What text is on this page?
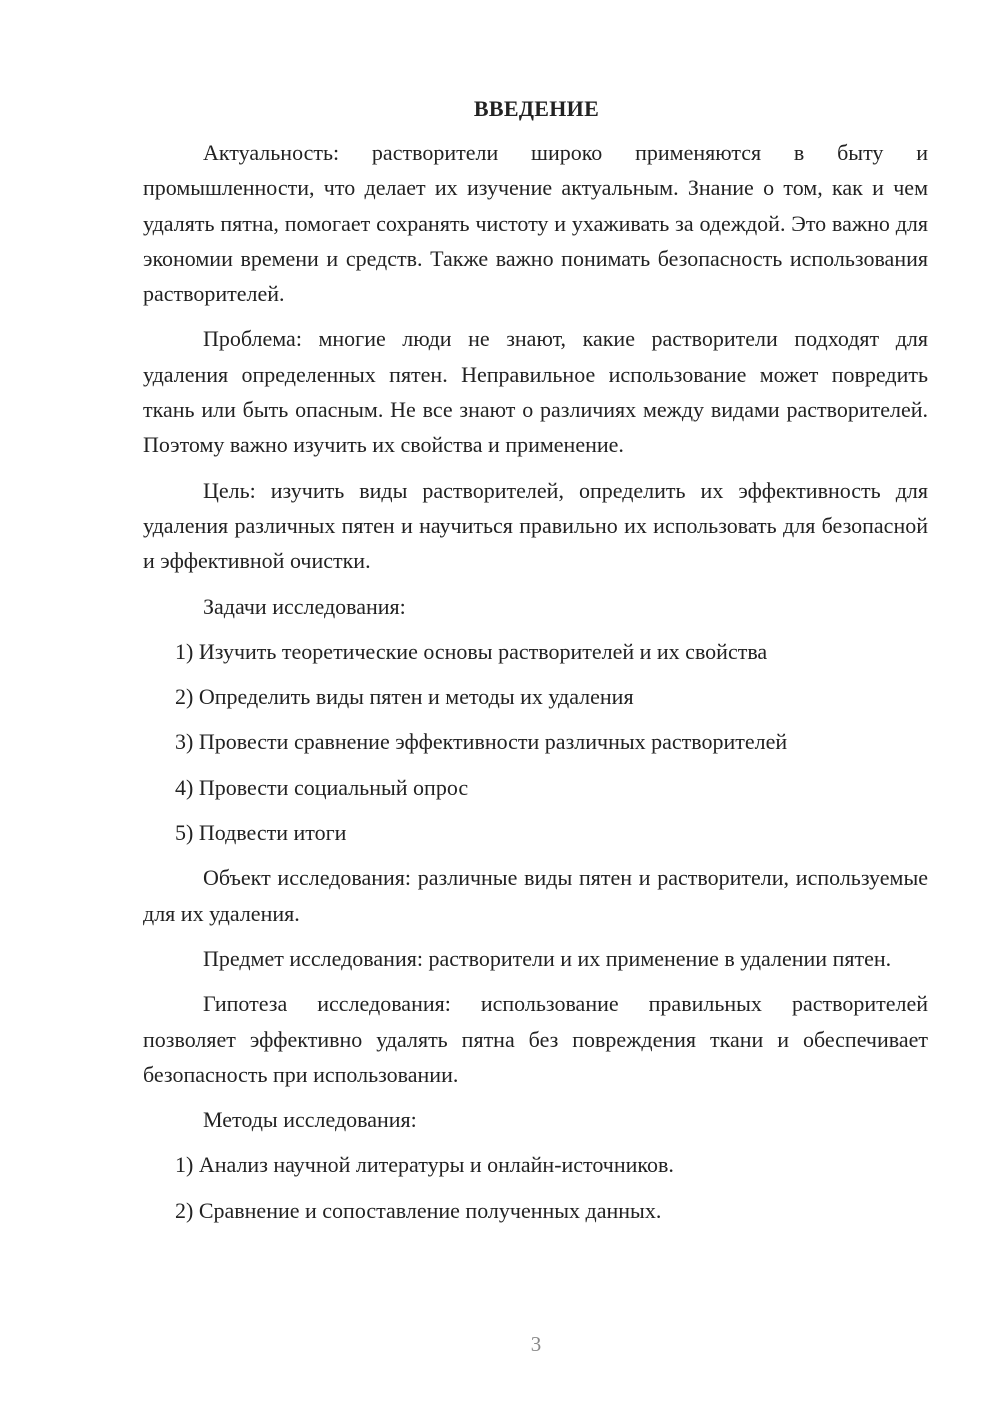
ВВЕДЕНИЕ

Актуальность: растворители широко применяются в быту и промышленности, что делает их изучение актуальным. Знание о том, как и чем удалять пятна, помогает сохранять чистоту и ухаживать за одеждой. Это важно для экономии времени и средств. Также важно понимать безопасность использования растворителей.

Проблема: многие люди не знают, какие растворители подходят для удаления определенных пятен. Неправильное использование может повредить ткань или быть опасным. Не все знают о различиях между видами растворителей. Поэтому важно изучить их свойства и применение.

Цель: изучить виды растворителей, определить их эффективность для удаления различных пятен и научиться правильно их использовать для безопасной и эффективной очистки.

Задачи исследования:

1) Изучить теоретические основы растворителей и их свойства

2) Определить виды пятен и методы их удаления

3) Провести сравнение эффективности различных растворителей

4) Провести социальный опрос

5) Подвести итоги

Объект исследования: различные виды пятен и растворители, используемые для их удаления.

Предмет исследования: растворители и их применение в удалении пятен.

Гипотеза исследования: использование правильных растворителей позволяет эффективно удалять пятна без повреждения ткани и обеспечивает безопасность при использовании.

Методы исследования:

1) Анализ научной литературы и онлайн-источников.

2) Сравнение и сопоставление полученных данных.

3
